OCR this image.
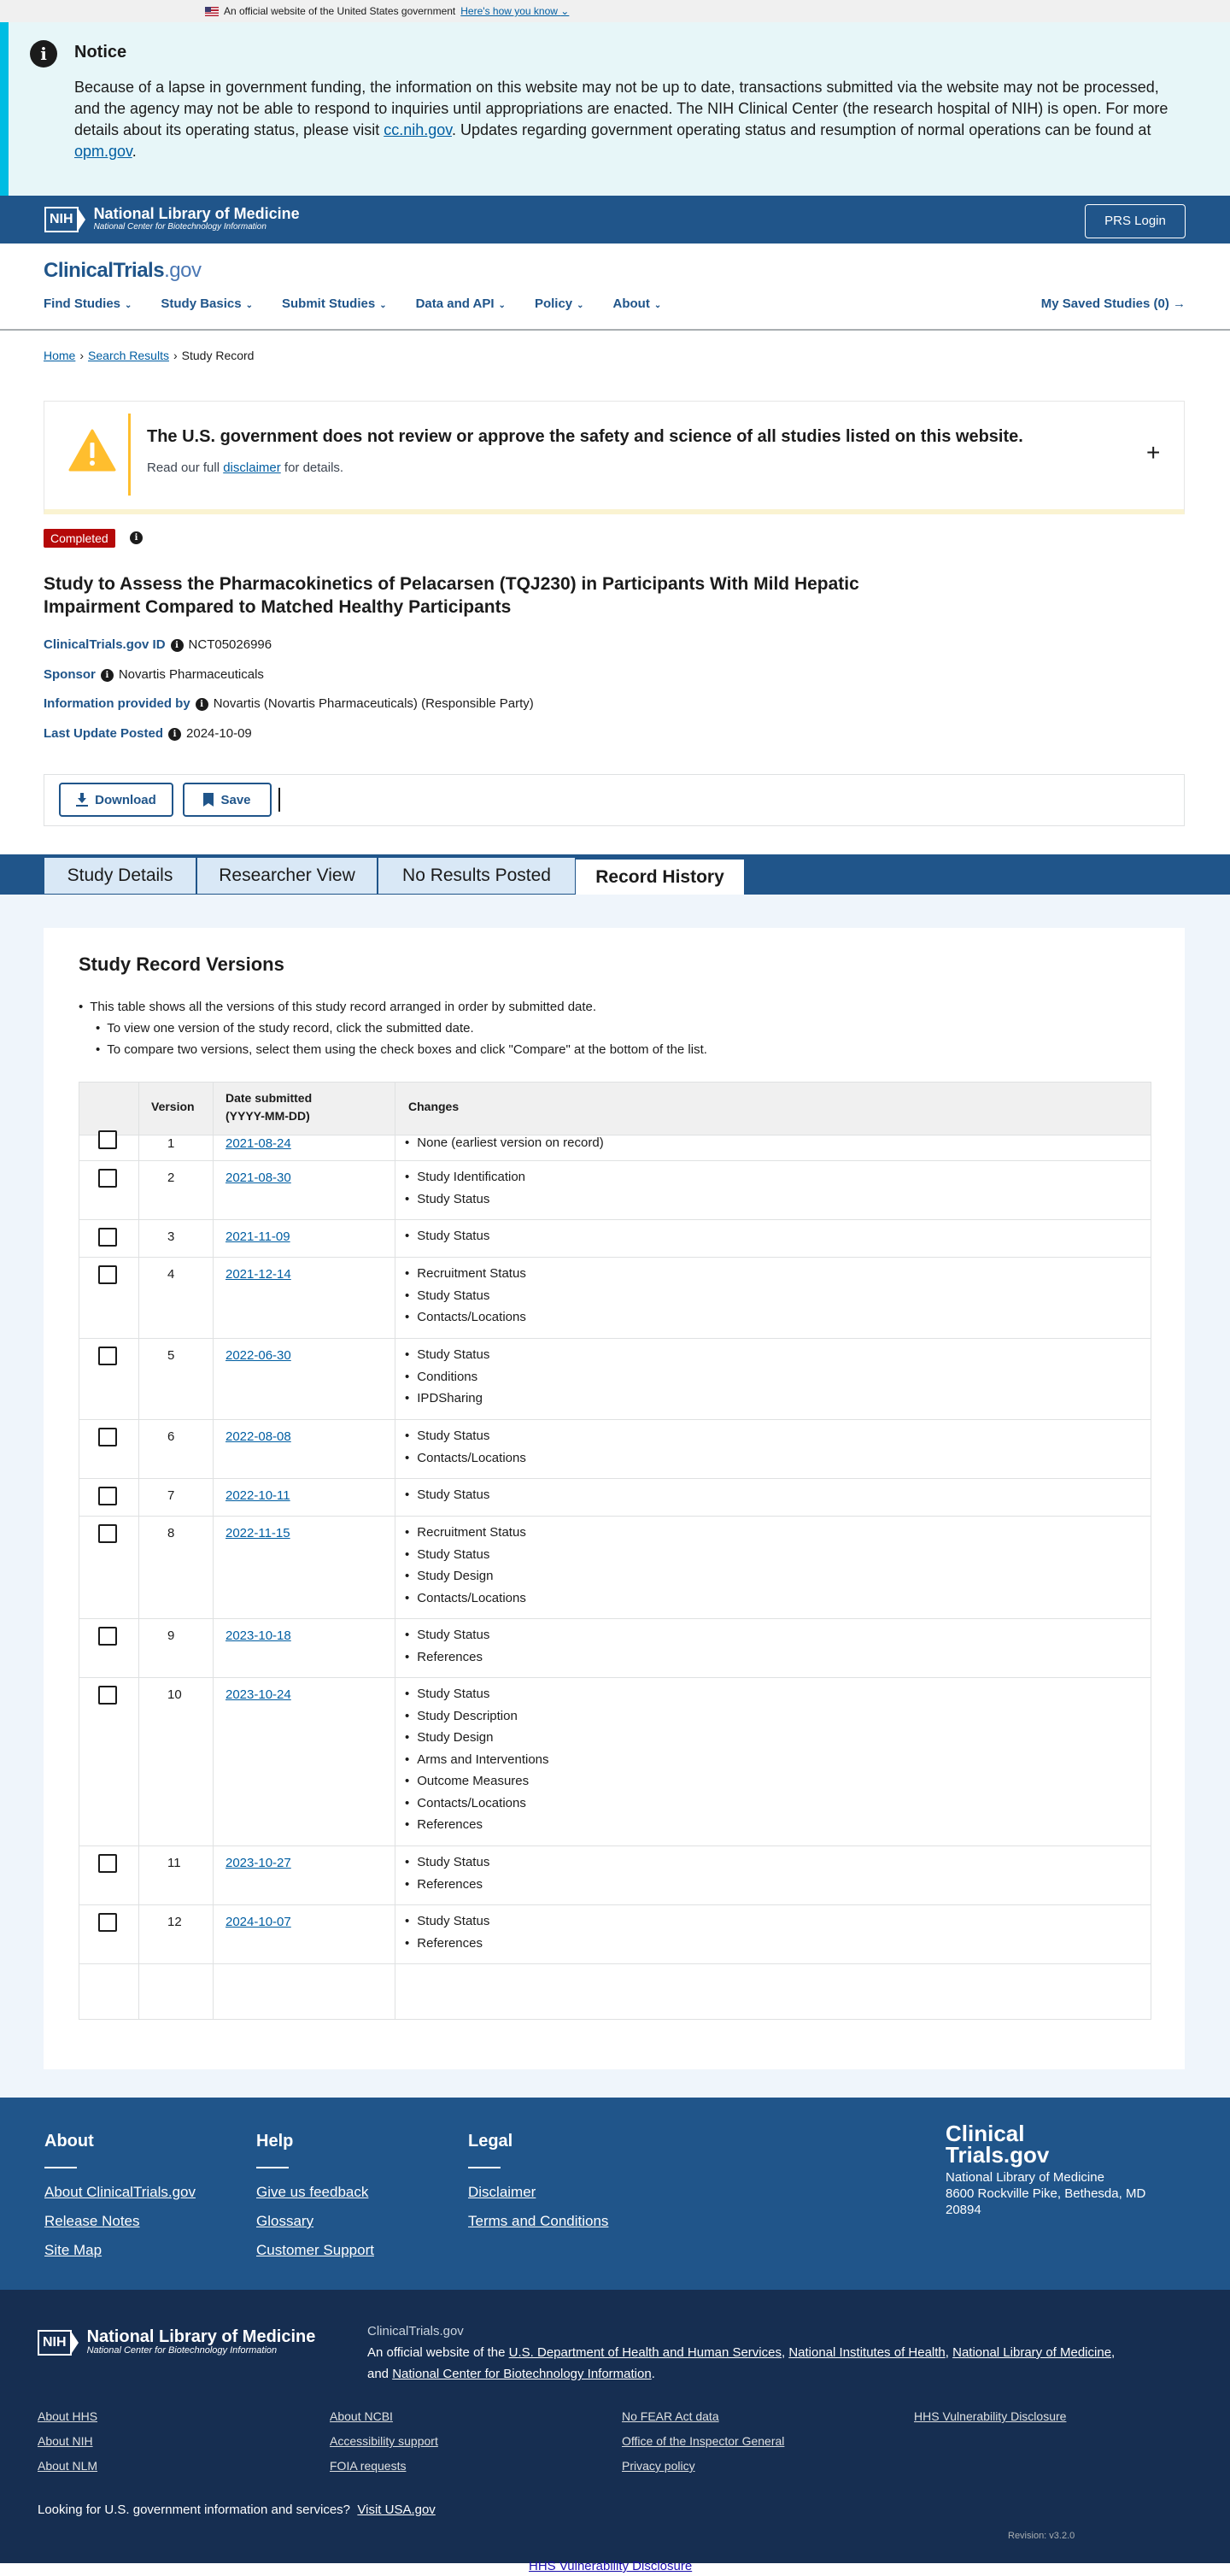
An official website of the United States government Here's how you know ⌄
i	Notice

Because of a lapse in government funding, the information on this website may not be up to date, transactions submitted via the website may not be processed, and the agency may not be able to respond to inquiries until appropriations are enacted. The NIH Clinical Center (the research hospital of NIH) is open. For more details about its operating status, please visit cc.nih.gov. Updates regarding government operating status and resumption of normal operations can be found at opm.gov.

NIH	National Library of Medicine
National Center for Biotechnology Information	PRS Login
ClinicalTrials.gov
Find Studies ⌄ Study Basics ⌄ Submit Studies ⌄ Data and API ⌄ Policy ⌄ About ⌄	My Saved Studies (0) →
Home › Search Results › Study Record
The U.S. government does not review or approve the safety and science of all studies listed on this website.

Read our full disclaimer for details.

+
Completed	i
Study to Assess the Pharmacokinetics of Pelacarsen (TQJ230) in Participants With Mild Hepatic Impairment Compared to Matched Healthy Participants
ClinicalTrials.gov ID i NCT05026996
Sponsor i Novartis Pharmaceuticals
Information provided by i Novartis (Novartis Pharmaceuticals) (Responsible Party)
Last Update Posted i 2024-10-09
Download	Save
Study Details	Researcher View	No Results Posted	Record History
Study Record Versions
• This table shows all the versions of this study record arranged in order by submitted date.
• To view one version of the study record, click the submitted date.
• To compare two versions, select them using the check boxes and click "Compare" at the bottom of the list.
Version
Date submitted
(YYYY-MM-DD)
Changes
1	2021-08-24	• None (earliest version on record)
2	2021-08-30	• Study Identification
• Study Status
3	2021-11-09	• Study Status
4	2021-12-14	• Recruitment Status
• Study Status
• Contacts/Locations
5	2022-06-30	• Study Status
• Conditions
• IPDSharing
6	2022-08-08	• Study Status
• Contacts/Locations
7	2022-10-11	• Study Status
8	2022-11-15	• Recruitment Status
• Study Status
• Study Design
• Contacts/Locations
9	2023-10-18	• Study Status
• References
10	2023-10-24	• Study Status
• Study Description
• Study Design
• Arms and Interventions
• Outcome Measures
• Contacts/Locations
• References
11	2023-10-27	• Study Status
• References
12	2024-10-07	• Study Status
• References
About
About ClinicalTrials.gov
Release Notes
Site Map
Help
Give us feedback
Glossary
Customer Support
Legal
Disclaimer
Terms and Conditions
Clinical
Trials.gov
National Library of Medicine
8600 Rockville Pike, Bethesda, MD
20894
NIH	National Library of Medicine
National Center for Biotechnology Information
ClinicalTrials.gov
An official website of the U.S. Department of Health and Human Services, National Institutes of Health, National Library of Medicine,
and National Center for Biotechnology Information.
About HHS
About NIH
About NLM
About NCBI
Accessibility support
FOIA requests
No FEAR Act data
Office of the Inspector General
Privacy policy
HHS Vulnerability Disclosure
Looking for U.S. government information and services? Visit USA.gov
Revision: v3.2.0
HHS Vulnerability Disclosure
